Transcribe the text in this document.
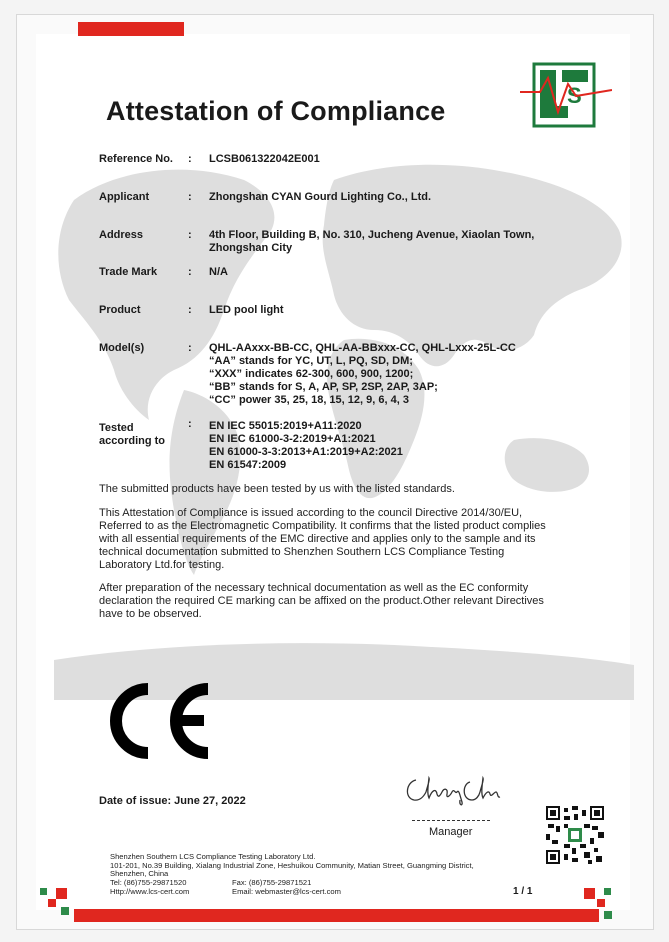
S
Attestation of Compliance
Reference No.	:	LCSB061322042E001
Applicant	:	Zhongshan CYAN Gourd Lighting Co., Ltd.
Address	:	4th Floor, Building B, No. 310, Jucheng Avenue, Xiaolan Town,
Zhongshan City
Trade Mark	:	N/A
Product	:	LED pool light
Model(s)	:	QHL-AAxxx-BB-CC, QHL-AA-BBxxx-CC, QHL-Lxxx-25L-CC
“AA” stands for YC, UT, L, PQ, SD, DM;
“XXX” indicates 62-300, 600, 900, 1200;
“BB” stands for S, A, AP, SP, 2SP, 2AP, 3AP;
“CC” power 35, 25, 18, 15, 12, 9, 6, 4, 3
Tested
according to
:	EN IEC 55015:2019+A11:2020
EN IEC 61000-3-2:2019+A1:2021
EN 61000-3-3:2013+A1:2019+A2:2021
EN 61547:2009
The submitted products have been tested by us with the listed standards.
This Attestation of Compliance is issued according to the council Directive 2014/30/EU,
Referred to as the Electromagnetic Compatibility. It confirms that the listed product complies
with all essential requirements of the EMC directive and applies only to the sample and its
technical documentation submitted to Shenzhen Southern LCS Compliance Testing
Laboratory Ltd.for testing.
After preparation of the necessary technical documentation as well as the EC conformity
declaration the required CE marking can be affixed on the product.Other relevant Directives
have to be observed.
Date of issue: June 27, 2022
Manager
Shenzhen Southern LCS Compliance Testing Laboratory Ltd.
101-201, No.39 Building, Xialang Industrial Zone, Heshuikou Community, Matian Street, Guangming District,
Shenzhen, China
Tel: (86)755-29871520
Http://www.lcs-cert.com
Fax: (86)755-29871521
Email: webmaster@lcs-cert.com	1 / 1
